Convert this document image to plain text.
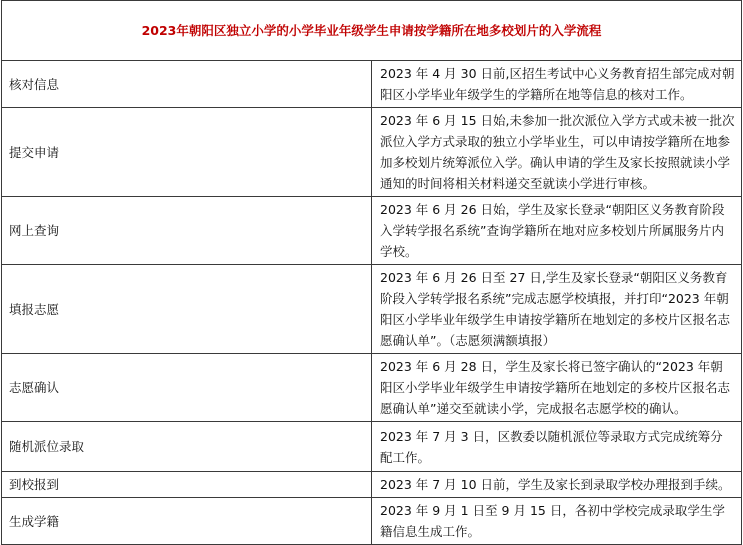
2023年朝阳区独立小学的小学毕业年级学生申请按学籍所在地多校划片的入学流程	
核对信息	2023 年 4 月 30 日前,区招生考试中心义务教育招生部完成对朝阳区小学毕业年级学生的学籍所在地等信息的核对工作。
提交申请	2023 年 6 月 15 日始,未参加一批次派位入学方式或未被一批次派位入学方式录取的独立小学毕业生，可以申请按学籍所在地参加多校划片统筹派位入学。确认申请的学生及家长按照就读小学通知的时间将相关材料递交至就读小学进行审核。
网上查询	2023 年 6 月 26 日始，学生及家长登录“朝阳区义务教育阶段入学转学报名系统”查询学籍所在地对应多校划片所属服务片内学校。
填报志愿	2023 年 6 月 26 日至 27 日,学生及家长登录“朝阳区义务教育阶段入学转学报名系统”完成志愿学校填报，并打印“2023 年朝阳区小学毕业年级学生申请按学籍所在地划定的多校片区报名志愿确认单”。（志愿须满额填报）
志愿确认	2023 年 6 月 28 日，学生及家长将已签字确认的“2023 年朝阳区小学毕业年级学生申请按学籍所在地划定的多校片区报名志愿确认单”递交至就读小学，完成报名志愿学校的确认。
随机派位录取	2023 年 7 月 3 日，区教委以随机派位等录取方式完成统筹分配工作。
到校报到	2023 年 7 月 10 日前，学生及家长到录取学校办理报到手续。
生成学籍	2023 年 9 月 1 日至 9 月 15 日，各初中学校完成录取学生学籍信息生成工作。
